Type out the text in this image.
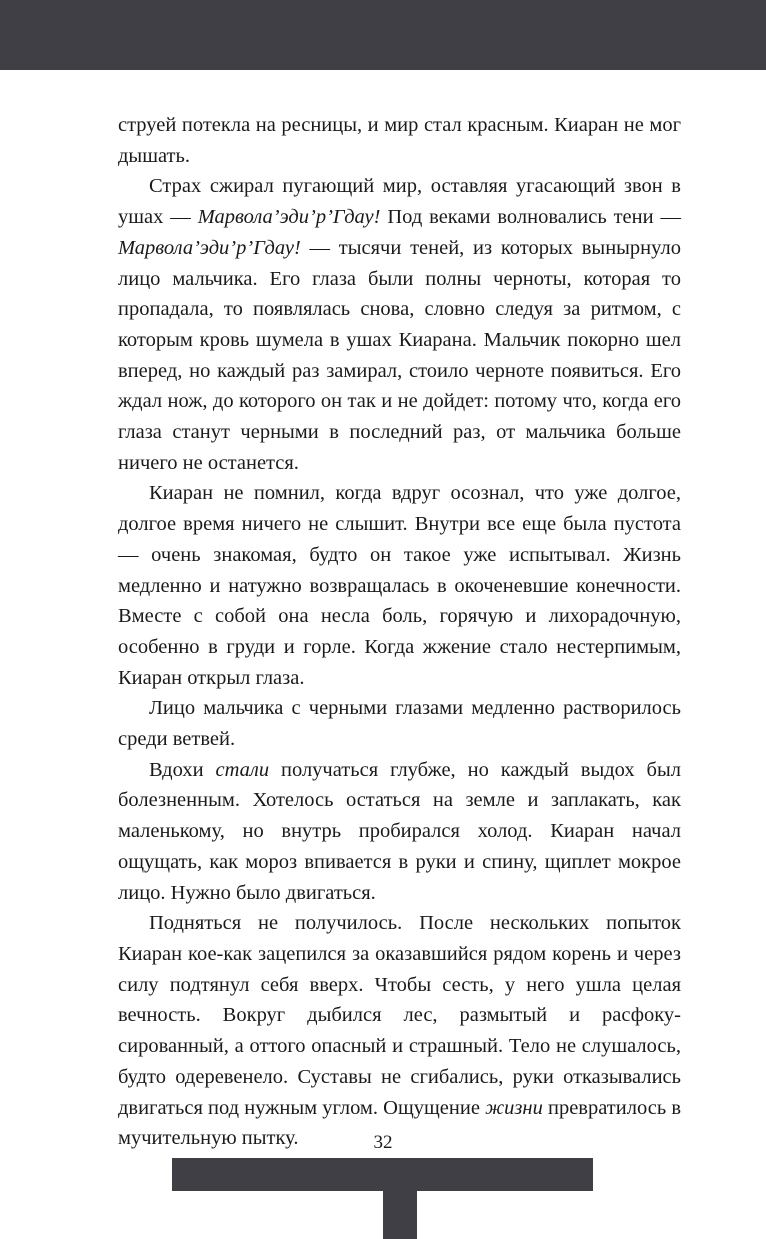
струей потекла на ресницы, и мир стал красным. Киаран не мог дышать.

Страх сжирал пугающий мир, оставляя угасающий звон в ушах — Марвола’эди’р’Гдау! Под веками волновались тени — Марвола’эди’р’Гдау! — тысячи теней, из которых вынырнуло лицо мальчика. Его глаза были полны черноты, которая то пропадала, то появлялась снова, словно следуя за ритмом, с которым кровь шумела в ушах Киарана. Мальчик покорно шел вперед, но каждый раз замирал, стоило черноте появиться. Его ждал нож, до которого он так и не дойдет: потому что, когда его глаза станут черными в последний раз, от мальчика больше ничего не останется.

Киаран не помнил, когда вдруг осознал, что уже долгое, долгое время ничего не слышит. Внутри все еще была пустота — очень знакомая, будто он такое уже испытывал. Жизнь медленно и натужно возвращалась в окоченевшие конечности. Вместе с собой она несла боль, горячую и лихорадочную, особенно в груди и горле. Когда жжение стало нестерпимым, Киаран открыл глаза.

Лицо мальчика с черными глазами медленно растворилось среди ветвей.

Вдохи стали получаться глубже, но каждый выдох был болезненным. Хотелось остаться на земле и заплакать, как маленькому, но внутрь пробирался холод. Киаран начал ощущать, как мороз впивается в руки и спину, щиплет мокрое лицо. Нужно было двигаться.

Подняться не получилось. После нескольких попыток Киаран кое-как зацепился за оказавшийся рядом корень и через силу подтянул себя вверх. Чтобы сесть, у него ушла целая вечность. Вокруг дыбился лес, размытый и расфокусированный, а оттого опасный и страшный. Тело не слушалось, будто одеревенело. Суставы не сгибались, руки отказывались двигаться под нужным углом. Ощущение жизни превратилось в мучительную пытку.	32
